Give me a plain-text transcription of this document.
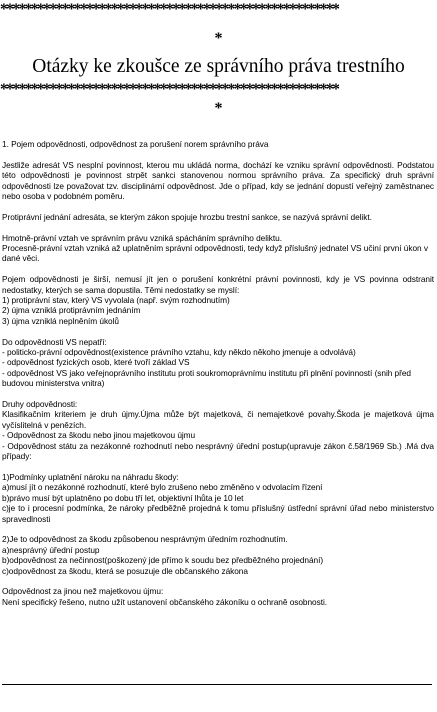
*******************************************************
*
Otázky ke zkoušce ze správního práva trestního
*******************************************************
*

1. Pojem odpovědnosti, odpovědnost za porušení norem správního práva

Jestliže adresát VS nesplní povinnost, kterou mu ukládá norma, dochází ke vzniku správní odpovědnosti. Podstatou této odpovědnosti je povinnost strpět sankci stanovenou normou správního práva. Za specifický druh správní odpovědnosti lze považovat tzv. disciplinární odpovědnost. Jde o případ, kdy se jednání dopustí veřejný zaměstnanec nebo osoba v podobném poměru.

Protiprávní jednání adresáta, se kterým zákon spojuje hrozbu trestní sankce, se nazývá správní delikt.

Hmotně-právní vztah ve správním právu vzniká spácháním správního deliktu.

Procesně-právní vztah vzniká až uplatněním správní odpovědnosti, tedy když příslušný jednatel VS učiní první úkon v dané věci.

Pojem odpovědnosti je širší, nemusí jít jen o porušení konkrétní právní povinnosti, kdy je VS povinna odstranit nedostatky, kterých se sama dopustila. Těmi nedostatky se myslí:

1) protiprávní stav, který VS vyvolala (např. svým rozhodnutím)

2) újma vzniklá protiprávním jednáním

3) újma vzniklá neplněním úkolů

Do odpovědnosti VS nepatří:

- politicko-právní odpovědnost(existence právního vztahu, kdy někdo někoho jmenuje a odvolává)

- odpovědnost fyzických osob, které tvoří základ VS

- odpovědnost VS jako veřejnoprávního institutu proti soukromoprávnímu institutu při plnění povinností (snih před budovou ministerstva vnitra)

Druhy odpovědnosti:

Klasifikačním kriteriem je druh újmy.Újma může být majetková, či nemajetkové povahy.Škoda je majetková újma vyčíslitelná v penězích.

- Odpovědnost za škodu nebo jinou majetkovou újmu

- Odpovědnost státu za nezákonné rozhodnutí nebo nesprávný úřední postup(upravuje zákon č.58/1969 Sb.) .Má dva případy:

1)Podmínky uplatnění nároku na náhradu škody:

a)musí jít o nezákonné rozhodnutí, které bylo zrušeno nebo změněno v odvolacím řízení

b)právo musí být uplatněno po dobu tří let, objektivní lhůta je 10 let

c)je to i procesní podmínka, že nároky předběžně projedná k tomu příslušný ústřední správní úřad nebo ministerstvo spravedlnosti

2)Je to odpovědnost za škodu způsobenou nesprávným úředním rozhodnutím.

a)nesprávný úřední postup

b)odpovědnost za nečinnost(poškozený jde přímo k soudu bez předběžného projednání)

c)odpovědnost za škodu, která se posuzuje dle občanského zákona

Odpovědnost za jinou než majetkovou újmu:

Není specifický řešeno, nutno užít ustanovení občanského zákoníku o ochraně osobnosti.
